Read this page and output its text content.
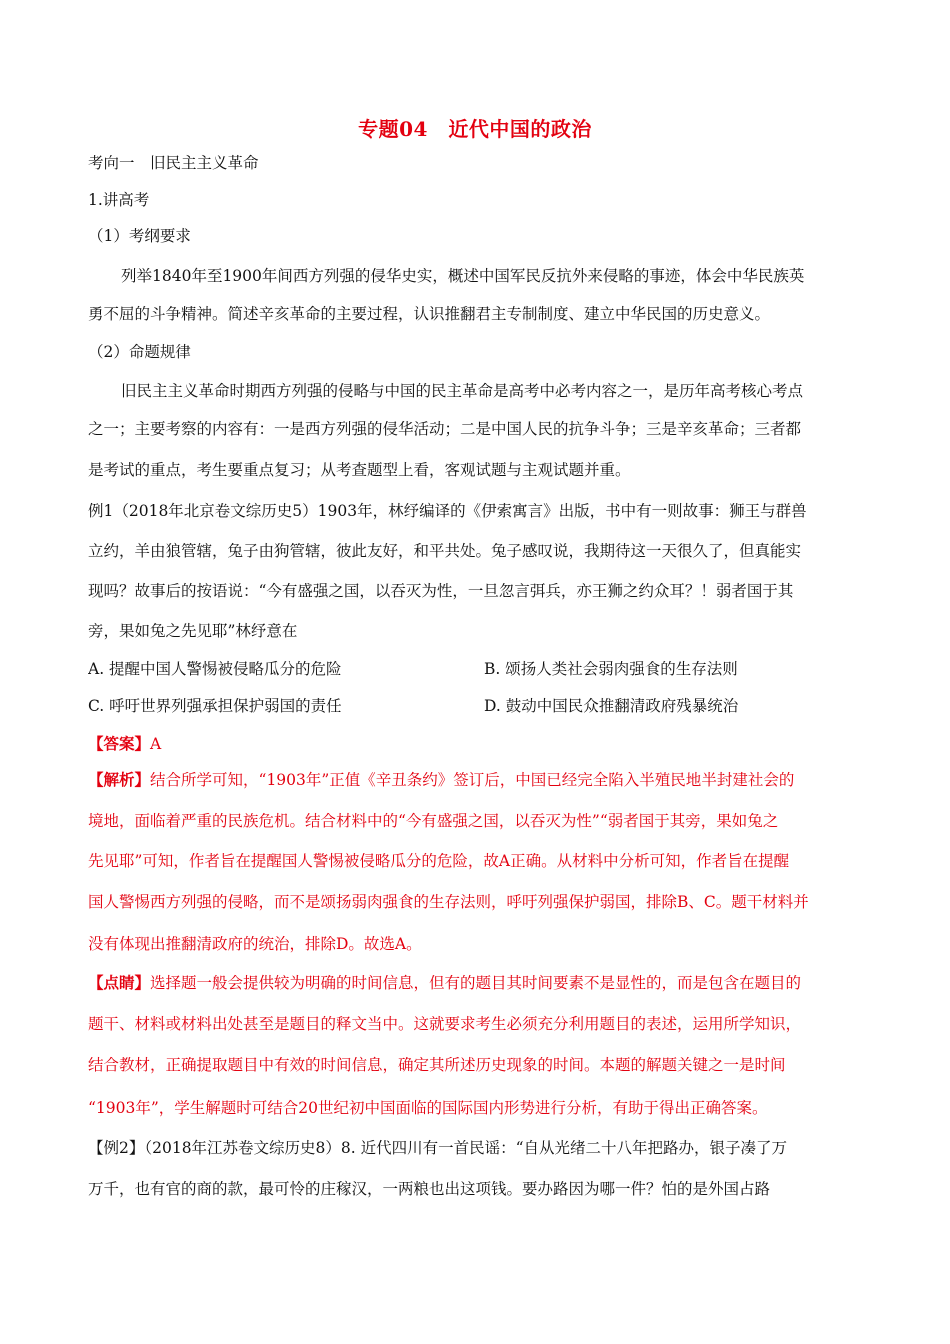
专题04　近代中国的政治
考向一　旧民主主义革命
1.讲高考
（1）考纲要求
列举1840年至1900年间西方列强的侵华史实，概述中国军民反抗外来侵略的事迹，体会中华民族英
勇不屈的斗争精神。简述辛亥革命的主要过程，认识推翻君主专制制度、建立中华民国的历史意义。
（2）命题规律
旧民主主义革命时期西方列强的侵略与中国的民主革命是高考中必考内容之一，是历年高考核心考点
之一；主要考察的内容有：一是西方列强的侵华活动；二是中国人民的抗争斗争；三是辛亥革命；三者都
是考试的重点，考生要重点复习；从考查题型上看，客观试题与主观试题并重。
例1（2018年北京卷文综历史5）1903年，林纾编译的《伊索寓言》出版，书中有一则故事：狮王与群兽
立约，羊由狼管辖，兔子由狗管辖，彼此友好，和平共处。兔子感叹说，我期待这一天很久了，但真能实
现吗？故事后的按语说：“今有盛强之国，以吞灭为性，一旦忽言弭兵，亦王狮之约众耳？！弱者国于其
旁，果如兔之先见耶”林纾意在
A. 提醒中国人警惕被侵略瓜分的危险	B. 颂扬人类社会弱肉强食的生存法则
C. 呼吁世界列强承担保护弱国的责任	D. 鼓动中国民众推翻清政府残暴统治
【答案】A
【解析】结合所学可知，“1903年”正值《辛丑条约》签订后，中国已经完全陷入半殖民地半封建社会的
境地，面临着严重的民族危机。结合材料中的“今有盛强之国，以吞灭为性”“弱者国于其旁，果如兔之
先见耶”可知，作者旨在提醒国人警惕被侵略瓜分的危险，故A正确。从材料中分析可知，作者旨在提醒
国人警惕西方列强的侵略，而不是颂扬弱肉强食的生存法则，呼吁列强保护弱国，排除B、C。题干材料并
没有体现出推翻清政府的统治，排除D。故选A。
【点睛】选择题一般会提供较为明确的时间信息，但有的题目其时间要素不是显性的，而是包含在题目的
题干、材料或材料出处甚至是题目的释文当中。这就要求考生必须充分利用题目的表述，运用所学知识，
结合教材，正确提取题目中有效的时间信息，确定其所述历史现象的时间。本题的解题关键之一是时间
“1903年”，学生解题时可结合20世纪初中国面临的国际国内形势进行分析，有助于得出正确答案。
【例2】（2018年江苏卷文综历史8）8. 近代四川有一首民谣：“自从光绪二十八年把路办，银子凑了万
万千，也有官的商的款，最可怜的庄稼汉，一两粮也出这项钱。要办路因为哪一件？怕的是外国占路
